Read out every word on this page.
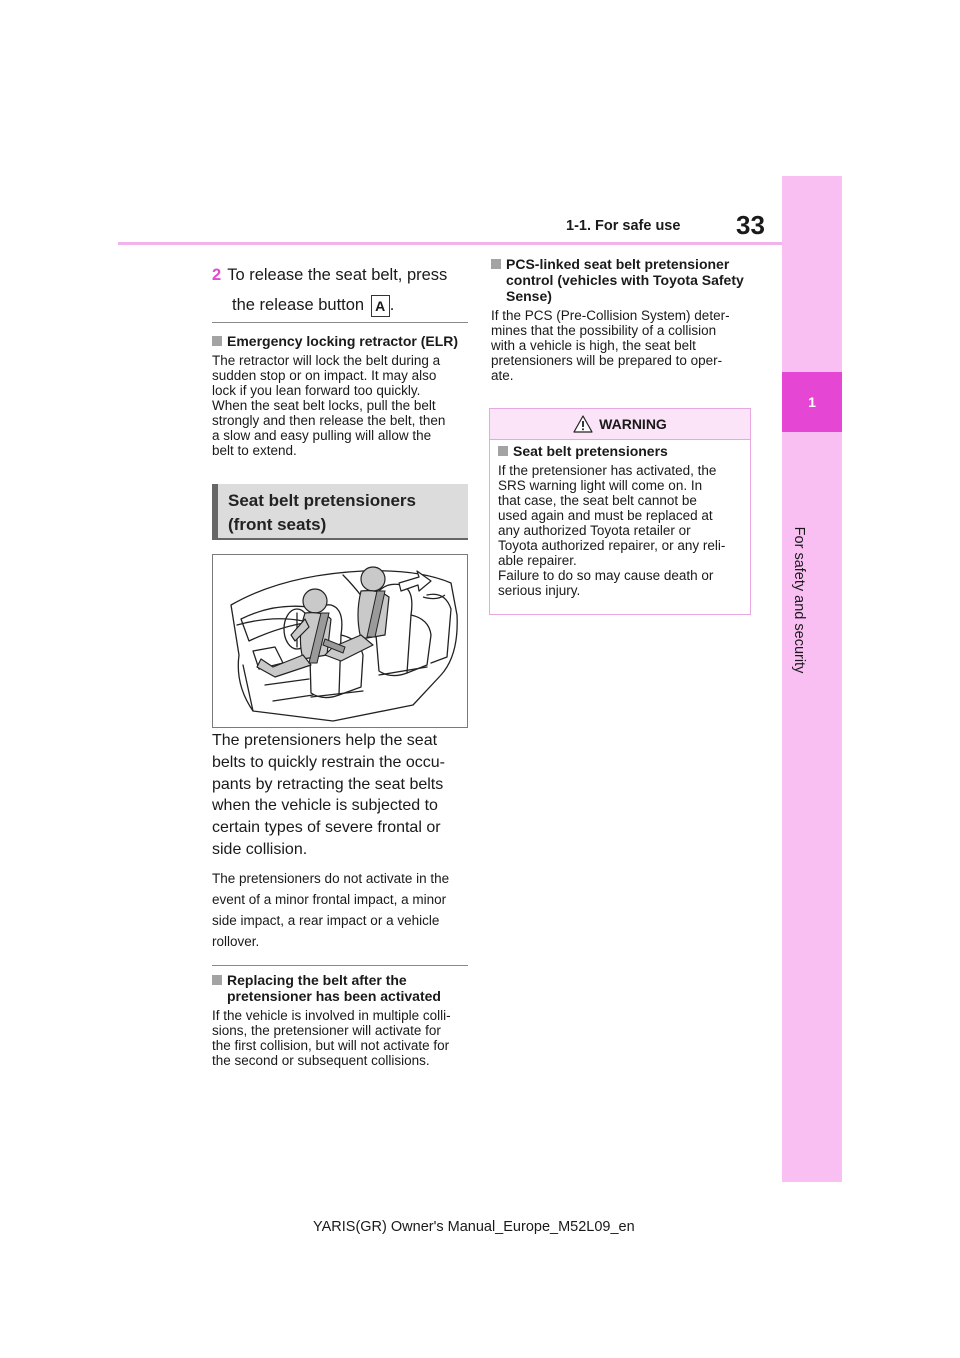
1-1. For safe use 33
1
For safety and security
2 To release the seat belt, press
the release button A .
Emergency locking retractor (ELR)
The retractor will lock the belt during a
sudden stop or on impact. It may also
lock if you lean forward too quickly.
When the seat belt locks, pull the belt
strongly and then release the belt, then
a slow and easy pulling will allow the
belt to extend.
Seat belt pretensioners
(front seats)
The pretensioners help the seat
belts to quickly restrain the occu-
pants by retracting the seat belts
when the vehicle is subjected to
certain types of severe frontal or
side collision.
The pretensioners do not activate in the
event of a minor frontal impact, a minor
side impact, a rear impact or a vehicle
rollover.
Replacing the belt after the
pretensioner has been activated
If the vehicle is involved in multiple colli-
sions, the pretensioner will activate for
the first collision, but will not activate for
the second or subsequent collisions.
PCS-linked seat belt pretensioner
control (vehicles with Toyota Safety
Sense)
If the PCS (Pre-Collision System) deter-
mines that the possibility of a collision
with a vehicle is high, the seat belt
pretensioners will be prepared to oper-
ate.
WARNING
Seat belt pretensioners
If the pretensioner has activated, the
SRS warning light will come on. In
that case, the seat belt cannot be
used again and must be replaced at
any authorized Toyota retailer or
Toyota authorized repairer, or any reli-
able repairer.
Failure to do so may cause death or
serious injury.
YARIS(GR) Owner's Manual_Europe_M52L09_en
